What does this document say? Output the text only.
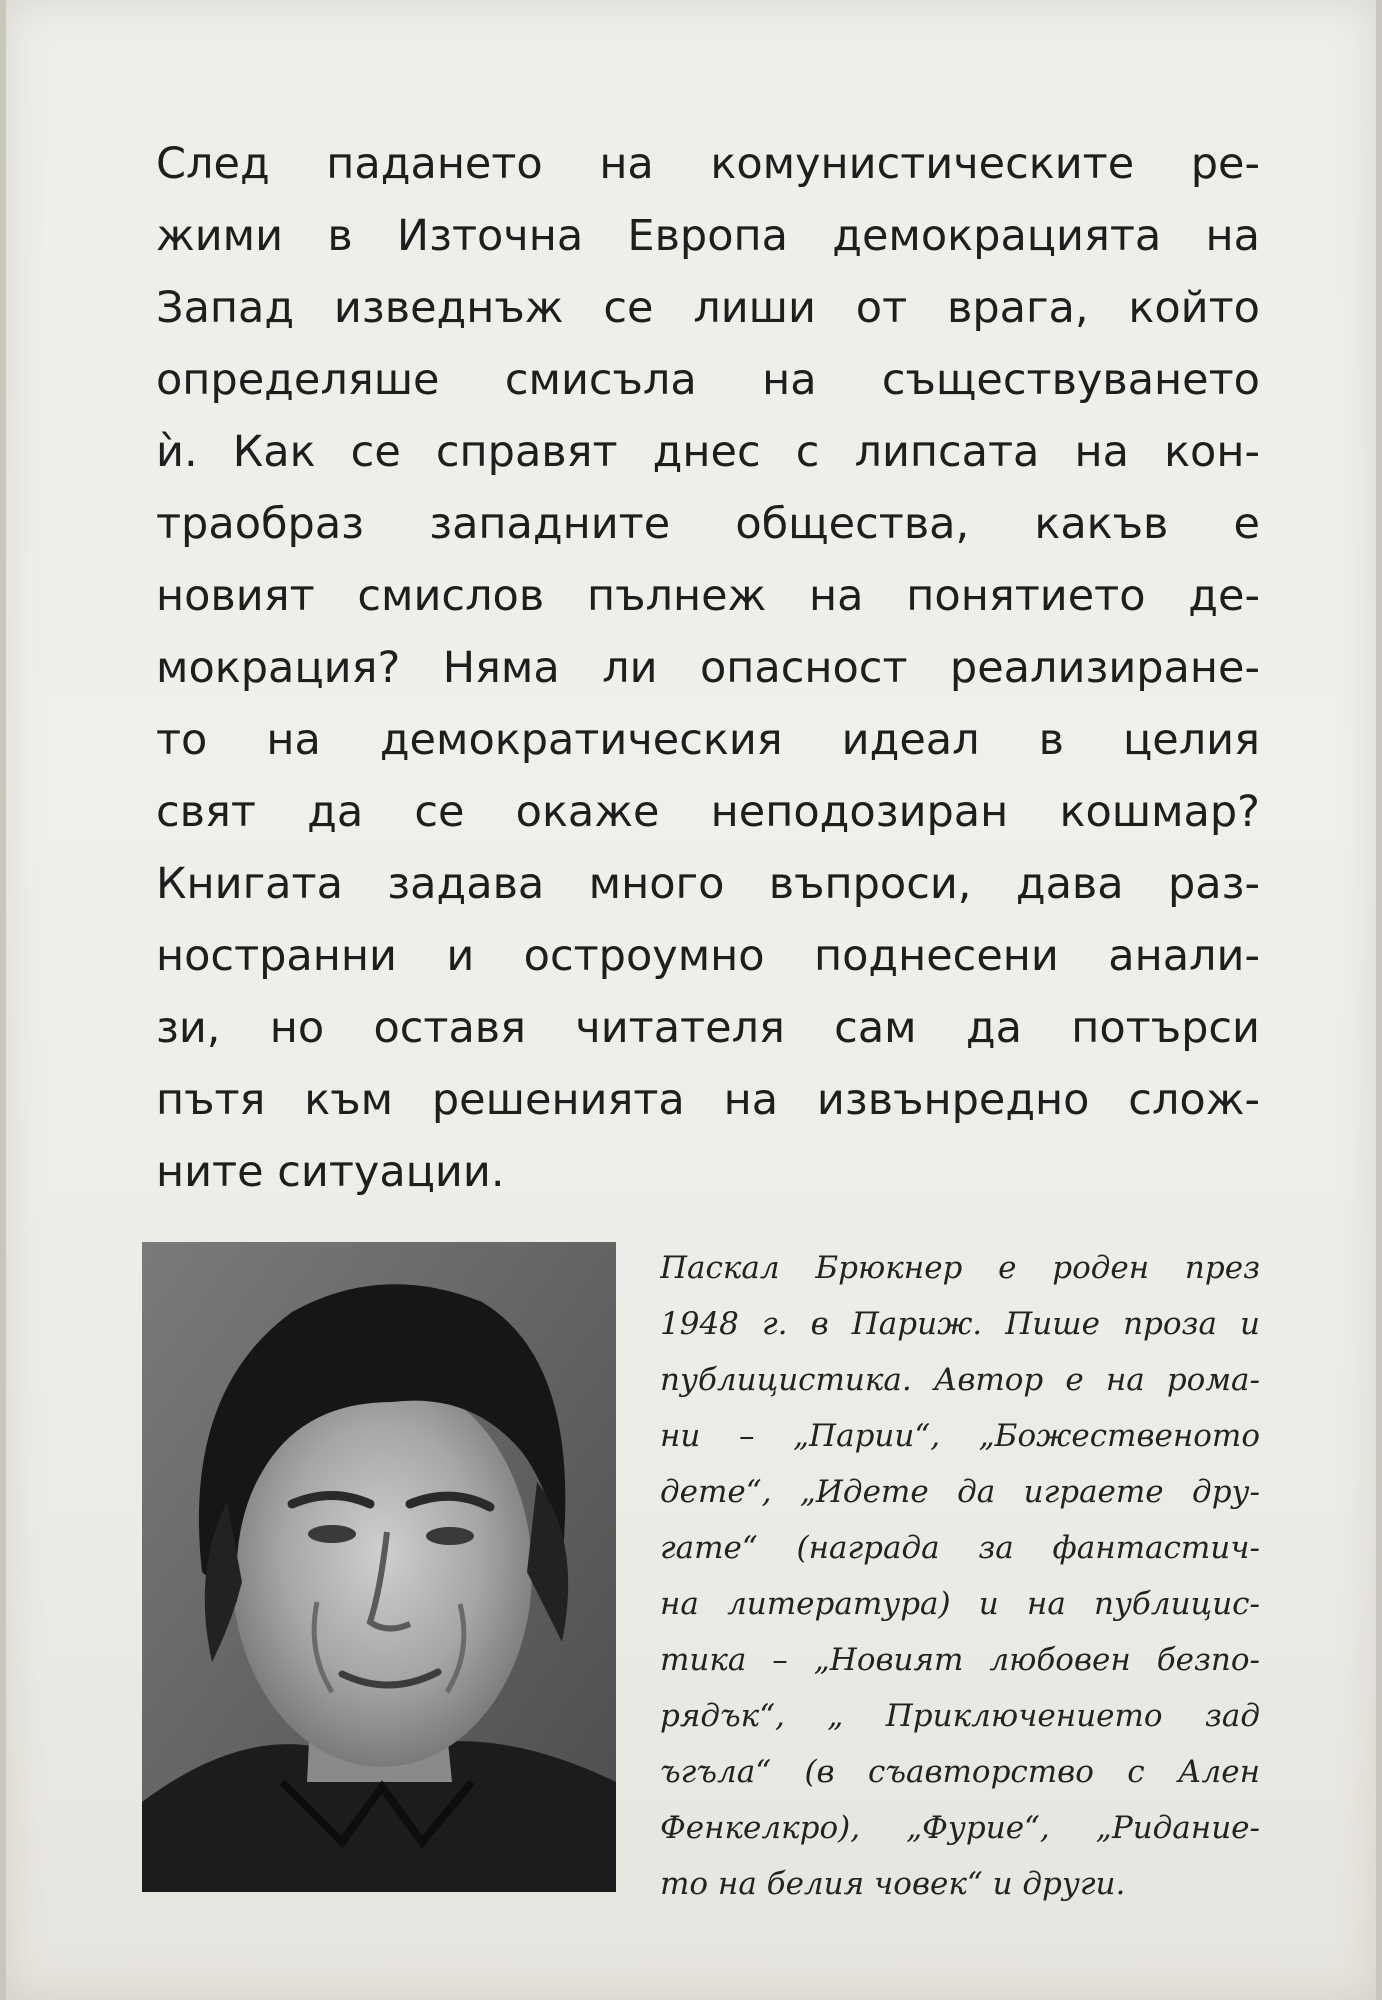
След падането на комунистическите ре-
жими в Източна Европа демокрацията на
Запад изведнъж се лиши от врага, който
определяше смисъла на съществуването
ѝ. Как се справят днес с липсата на кон-
траобраз западните общества, какъв е
новият смислов пълнеж на понятието де-
мокрация? Няма ли опасност реализиране-
то на демократическия идеал в целия
свят да се окаже неподозиран кошмар?
Книгата задава много въпроси, дава раз-
ностранни и остроумно поднесени анали-
зи, но оставя читателя сам да потърси
пътя към решенията на извънредно слож-
ните ситуации.
Паскал Брюкнер е роден през
1948 г. в Париж. Пише проза и
публицистика. Автор е на рома-
ни – „Парии“, „Божественото
дете“, „Идете да играете дру-
гате“ (награда за фантастич-
на литература) и на публицис-
тика – „Новият любовен безпо-
рядък“, „ Приключението зад
ъгъла“ (в съавторство с Ален
Фенкелкро), „Фурие“, „Ридание-
то на белия човек“ и други.
